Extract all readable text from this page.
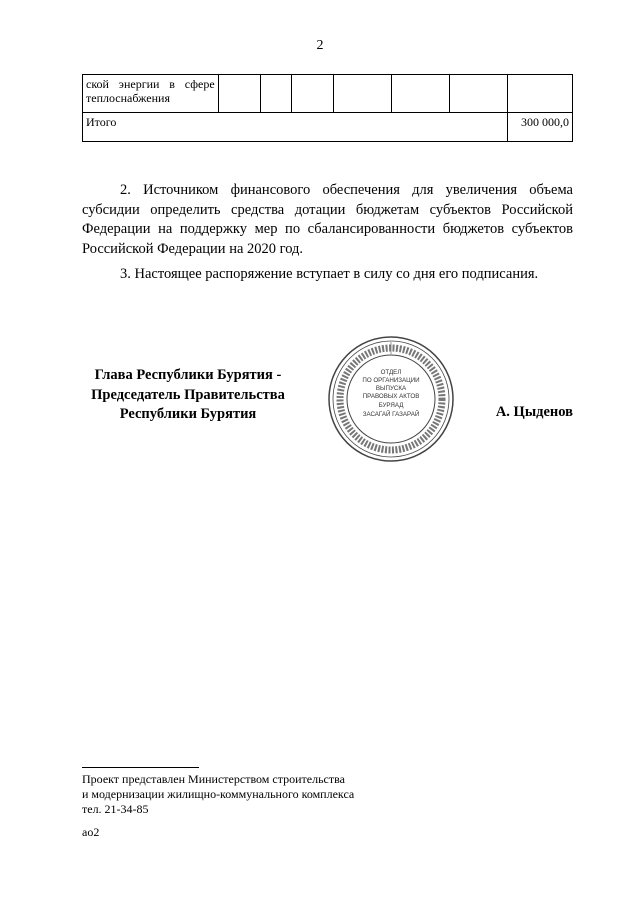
2
ской энергии в сфере
теплоснабжения							

Итого							300 000,0

2. Источником финансового обеспечения для увеличения объема субсидии определить средства дотации бюджетам субъектов Российской Федерации на поддержку мер по сбалансированности бюджетов субъектов Российской Федерации на 2020 год.

3. Настоящее распоряжение вступает в силу со дня его подписания.

Глава Республики Бурятия -
Председатель Правительства
Республики Бурятия
ОТДЕЛ
ПО ОРГАНИЗАЦИИ
ВЫПУСКА
ПРАВОВЫХ АКТОВ
БУРЯАД
ЗАСАГАЙ ГАЗАРАЙ	А. Цыденов
Проект представлен Министерством строительства
и модернизации жилищно-коммунального комплекса
тел. 21-34-85
ao2
